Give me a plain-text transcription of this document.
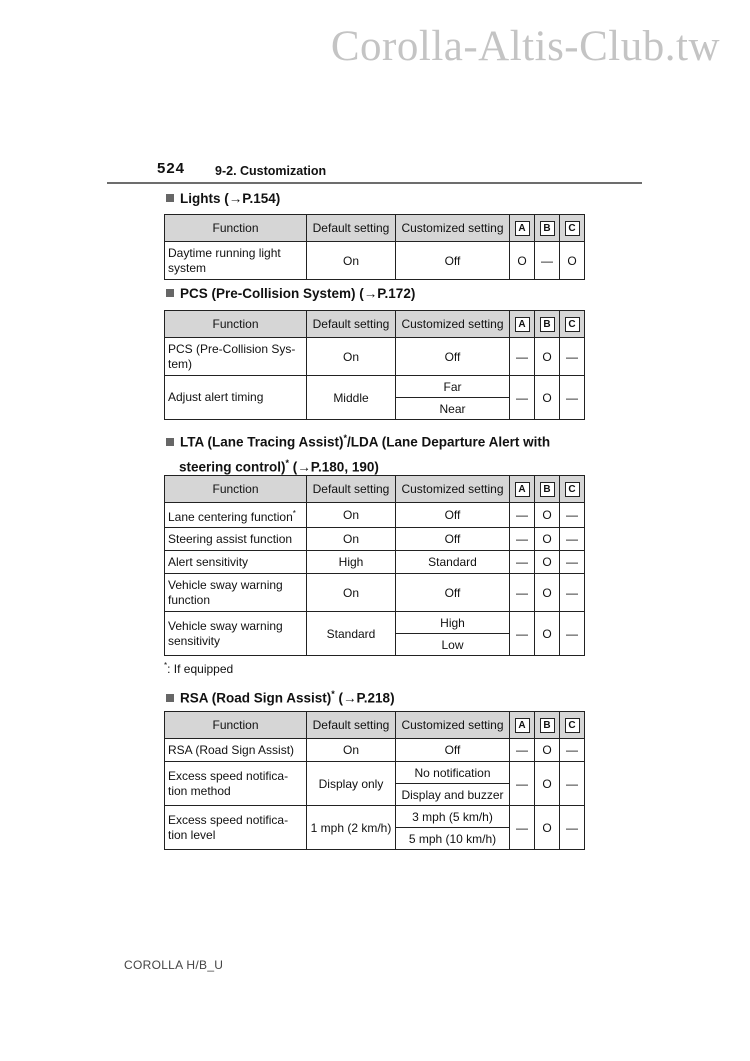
Corolla-Altis-Club.tw
524 9-2. Customization
Lights (→P.154)
Function	Default setting	Customized setting	A	B	C
Daytime running light system	On	Off	O	—	O
PCS (Pre-Collision System) (→P.172)
Function	Default setting	Customized setting	A	B	C
PCS (Pre-Collision Sys-tem)	On	Off	—	O	—
Adjust alert timing	Middle	Far	—	O	—
		Near			
LTA (Lane Tracing Assist)*/LDA (Lane Departure Alert with
steering control)* (→P.180, 190)
Function	Default setting	Customized setting	A	B	C
Lane centering function*	On	Off	—	O	—
Steering assist function	On	Off	—	O	—
Alert sensitivity	High	Standard	—	O	—
Vehicle sway warning function	On	Off	—	O	—
Vehicle sway warning sensitivity	Standard	High	—	O	—
		Low			
*: If equipped
RSA (Road Sign Assist)* (→P.218)
Function	Default setting	Customized setting	A	B	C
RSA (Road Sign Assist)	On	Off	—	O	—
Excess speed notifica-tion method	Display only	No notification	—	O	—
		Display and buzzer			
Excess speed notifica-tion level	1 mph (2 km/h)	3 mph (5 km/h)	—	O	—
		5 mph (10 km/h)			
COROLLA H/B_U
